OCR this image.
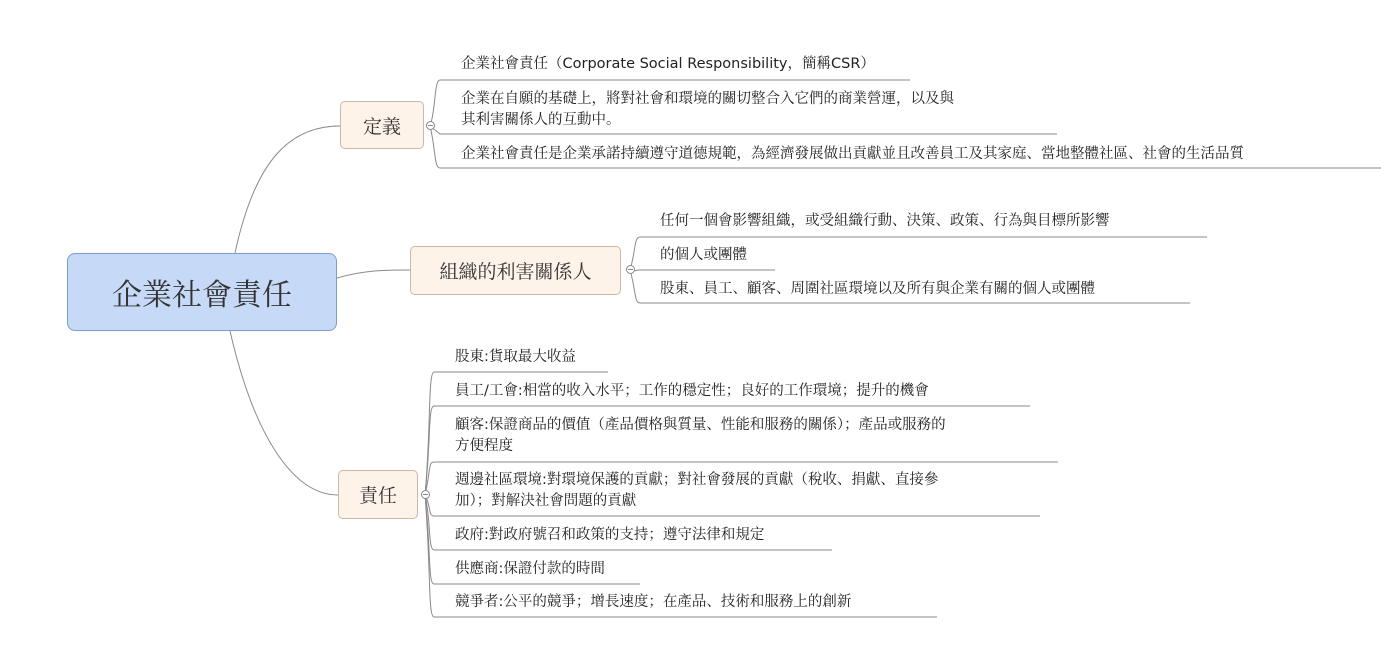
企業社會責任
定義
企業社會責任（Corporate Social Responsibility，簡稱CSR）
企業在自願的基礎上，將對社會和環境的關切整合入它們的商業營運，以及與
其利害關係人的互動中。
企業社會責任是企業承諾持續遵守道德規範，為經濟發展做出貢獻並且改善員工及其家庭、當地整體社區、社會的生活品質
組織的利害關係人
任何一個會影響組織，或受組織行動、決策、政策、行為與目標所影響
的個人或團體
股東、員工、顧客、周圍社區環境以及所有與企業有關的個人或團體
責任
股東:貨取最大收益
員工/工會:相當的收入水平；工作的穩定性；良好的工作環境；提升的機會
顧客:保證商品的價值（產品價格與質量、性能和服務的關係）；產品或服務的
方便程度
週邊社區環境:對環境保護的貢獻；對社會發展的貢獻（稅收、捐獻、直接參
加）；對解決社會問題的貢獻
政府:對政府號召和政策的支持；遵守法律和規定
供應商:保證付款的時間
競爭者:公平的競爭；增長速度；在產品、技術和服務上的創新
